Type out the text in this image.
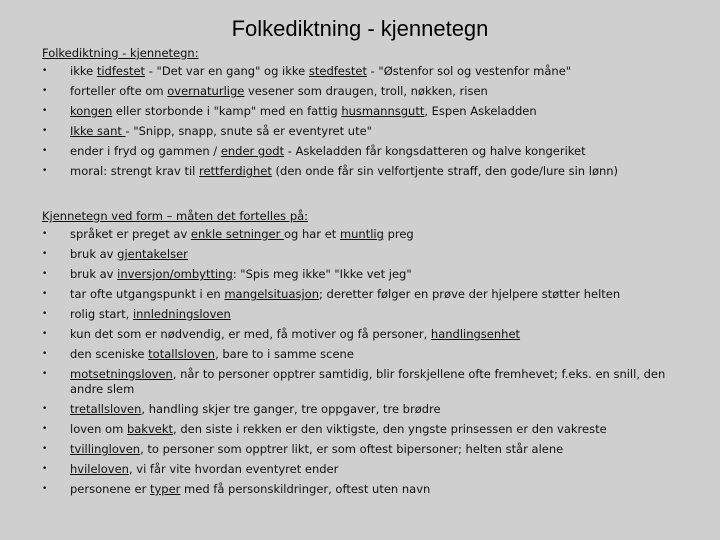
Folkediktning - kjennetegn
Folkediktning - kjennetegn:
• ikke tidfestet - "Det var en gang" og ikke stedfestet - "Østenfor sol og vestenfor måne"
• forteller ofte om overnaturlige vesener som draugen, troll, nøkken, risen
• kongen eller storbonde i "kamp" med en fattig husmannsgutt, Espen Askeladden
• Ikke sant - "Snipp, snapp, snute så er eventyret ute"
• ender i fryd og gammen / ender godt - Askeladden får kongsdatteren og halve kongeriket
• moral: strengt krav til rettferdighet (den onde får sin velfortjente straff, den gode/lure sin lønn)
Kjennetegn ved form – måten det fortelles på:
• språket er preget av enkle setninger og har et muntlig preg
• bruk av gjentakelser
• bruk av inversjon/ombytting: "Spis meg ikke" "Ikke vet jeg"
• tar ofte utgangspunkt i en mangelsituasjon; deretter følger en prøve der hjelpere støtter helten
• rolig start, innledningsloven
• kun det som er nødvendig, er med, få motiver og få personer, handlingsenhet
• den sceniske totallsloven, bare to i samme scene
• motsetningsloven, når to personer opptrer samtidig, blir forskjellene ofte fremhevet; f.eks. en snill, den andre slem
• tretallsloven, handling skjer tre ganger, tre oppgaver, tre brødre
• loven om bakvekt, den siste i rekken er den viktigste, den yngste prinsessen er den vakreste
• tvillingloven, to personer som opptrer likt, er som oftest bipersoner; helten står alene
• hvileloven, vi får vite hvordan eventyret ender
• personene er typer med få personskildringer, oftest uten navn
